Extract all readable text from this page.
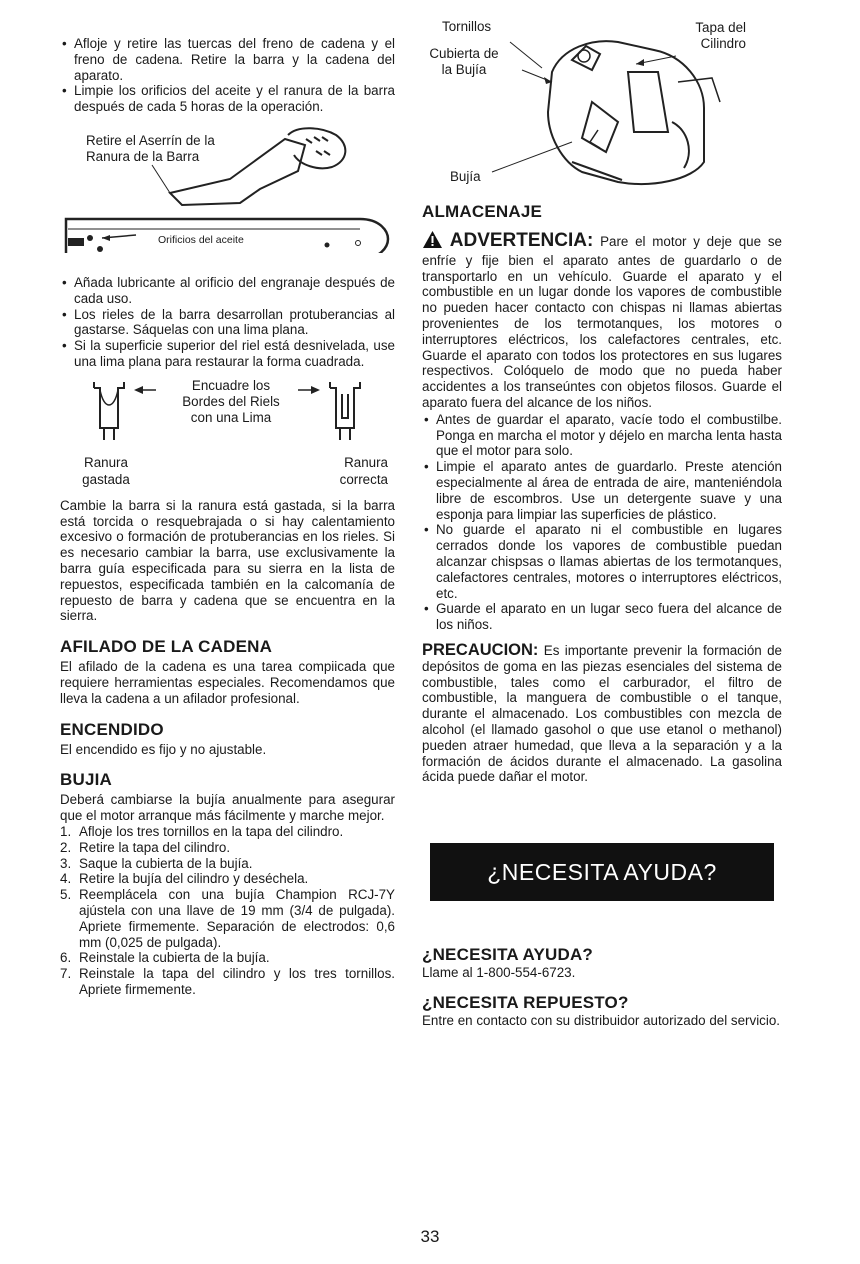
• Afloje y retire las tuercas del freno de cadena y el freno de cadena. Retire la barra y la cadena del aparato.
• Limpie los orificios del aceite y el ranura de la barra después de cada 5 horas de la operación.
Retire el Aserrín de la Ranura de la Barra
Orificios del aceite
• Añada lubricante al orificio del engranaje después de cada uso.
• Los rieles de la barra desarrollan protuberancias al gastarse. Sáquelas con una lima plana.
• Si la superficie superior del riel está desnivelada, use una lima plana para restaurar la forma cuadrada.
Encuadre los Bordes del Riels con una Lima
Ranura gastada
Ranura correcta

Cambie la barra si la ranura está gastada, si la barra está torcida o resquebrajada o si hay calentamiento excesivo o formación de protuberancias en los rieles. Si es necesario cambiar la barra, use exclusivamente la barra guía especificada para su sierra en la lista de repuestos, especificada también en la calcomanía de repuesto de barra y cadena que se encuentra en la sierra.

AFILADO DE LA CADENA

El afilado de la cadena es una tarea compiicada que requiere herramientas especiales. Recomendamos que lleva la cadena a un afilador profesional.

ENCENDIDO

El encendido es fijo y no ajustable.

BUJIA

Deberá cambiarse la bujía anualmente para asegurar que el motor arranque más fácilmente y marche mejor.

1. Afloje los tres tornillos en la tapa del cilindro.
2. Retire la tapa del cilindro.
3. Saque la cubierta de la bujía.
4. Retire la bujía del cilindro y deséchela.
5. Reemplácela con una bujía Champion RCJ-7Y ajústela con una llave de 19 mm (3/4 de pulgada). Apriete firmemente. Separación de electrodos: 0,6 mm (0,025 de pulgada).
6. Reinstale la cubierta de la bujía.
7. Reinstale la tapa del cilindro y los tres tornillos. Apriete firmemente.
Tornillos
Cubierta de la Bujía
Tapa del Cilindro
Bujía
ALMACENAJE

ADVERTENCIA: Pare el motor y deje que se enfríe y fije bien el aparato antes de guardarlo o de transportarlo en un vehículo. Guarde el aparato y el combustible en un lugar donde los vapores de combustible no pueden hacer contacto con chispas ni llamas abiertas provenientes de los termotanques, los motores o interruptores eléctricos, los calefactores centrales, etc. Guarde el aparato con todos los protectores en sus lugares respectivos. Colóquelo de modo que no pueda haber accidentes a los transeúntes con objetos filosos. Guarde el aparato fuera del alcance de los niños.

• Antes de guardar el aparato, vacíe todo el combustilbe. Ponga en marcha el motor y déjelo en marcha lenta hasta que el motor para solo.
• Limpie el aparato antes de guardarlo. Preste atención especialmente al área de entrada de aire, manteniéndola libre de escombros. Use un detergente suave y una esponja para limpiar las superficies de plástico.
• No guarde el aparato ni el combustible en lugares cerrados donde los vapores de combustible puedan alcanzar chispsas o llamas abiertas de los termotanques, calefactores centrales, motores o interruptores eléctricos, etc.
• Guarde el aparato en un lugar seco fuera del alcance de los niños.

PRECAUCION: Es importante prevenir la formación de depósitos de goma en las piezas esenciales del sistema de combustible, tales como el carburador, el filtro de combustible, la manguera de combustible o el tanque, durante el almacenado. Los combustibles con mezcla de alcohol (el llamado gasohol o que use etanol o methanol) pueden atraer humedad, que lleva a la separación y a la formación de ácidos durante el almacenado. La gasolina ácida puede dañar el motor.

¿NECESITA AYUDA?
¿NECESITA AYUDA?

Llame al 1-800-554-6723.

¿NECESITA REPUESTO?

Entre en contacto con su distribuidor autorizado del servicio.

33
